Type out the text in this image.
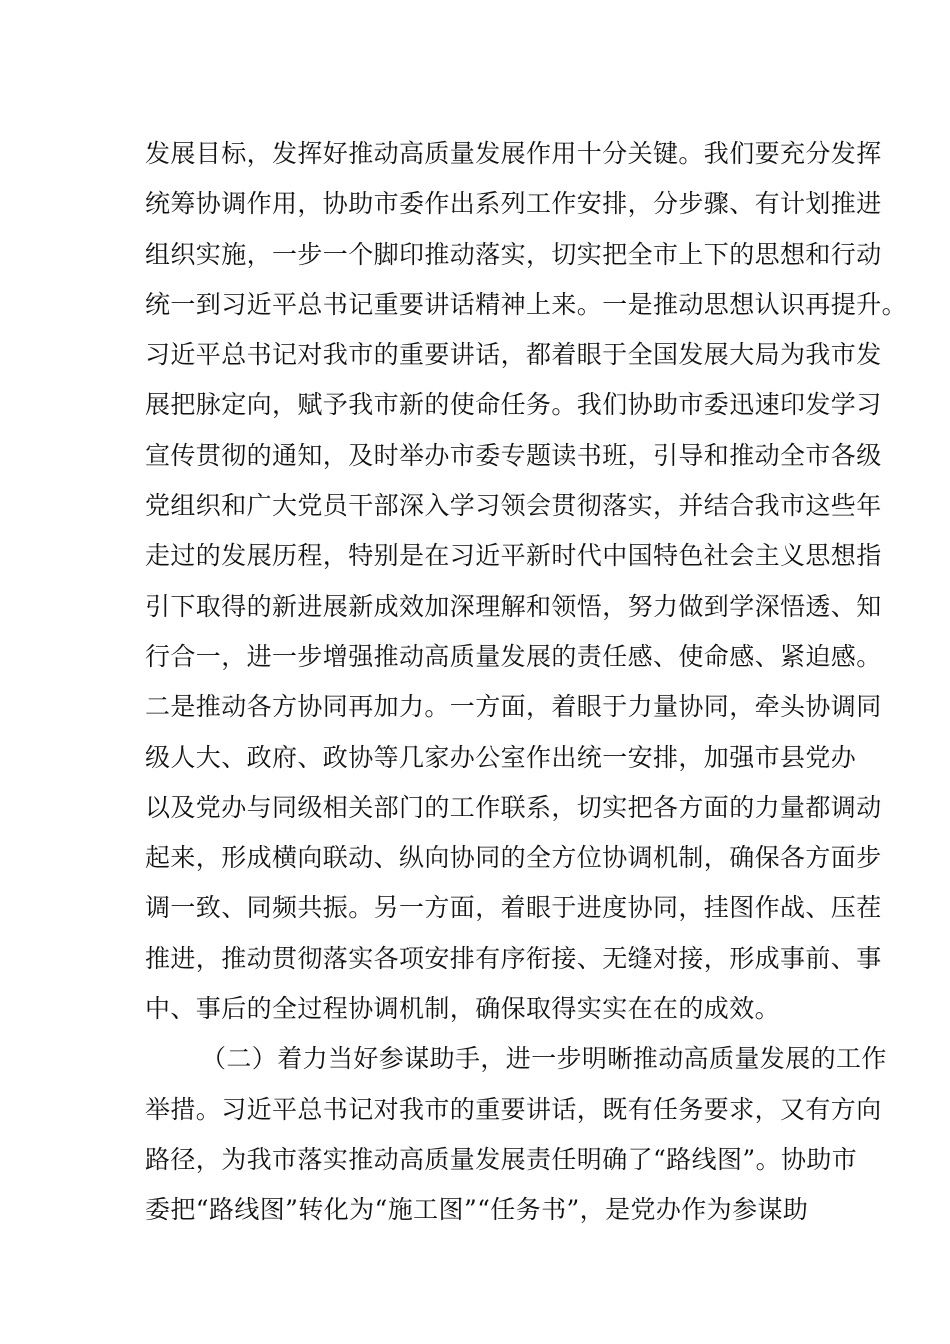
发展目标，发挥好推动高质量发展作用十分关键。我们要充分发挥
统筹协调作用，协助市委作出系列工作安排，分步骤、有计划推进
组织实施，一步一个脚印推动落实，切实把全市上下的思想和行动
统一到习近平总书记重要讲话精神上来。一是推动思想认识再提升。
习近平总书记对我市的重要讲话，都着眼于全国发展大局为我市发
展把脉定向，赋予我市新的使命任务。我们协助市委迅速印发学习
宣传贯彻的通知，及时举办市委专题读书班，引导和推动全市各级
党组织和广大党员干部深入学习领会贯彻落实，并结合我市这些年
走过的发展历程，特别是在习近平新时代中国特色社会主义思想指
引下取得的新进展新成效加深理解和领悟，努力做到学深悟透、知
行合一，进一步增强推动高质量发展的责任感、使命感、紧迫感。
二是推动各方协同再加力。一方面，着眼于力量协同，牵头协调同
级人大、政府、政协等几家办公室作出统一安排，加强市县党办
以及党办与同级相关部门的工作联系，切实把各方面的力量都调动
起来，形成横向联动、纵向协同的全方位协调机制，确保各方面步
调一致、同频共振。另一方面，着眼于进度协同，挂图作战、压茬
推进，推动贯彻落实各项安排有序衔接、无缝对接，形成事前、事
中、事后的全过程协调机制，确保取得实实在在的成效。
（二）着力当好参谋助手，进一步明晰推动高质量发展的工作
举措。习近平总书记对我市的重要讲话，既有任务要求，又有方向
路径，为我市落实推动高质量发展责任明确了“路线图”。协助市
委把“路线图”转化为“施工图”“任务书”，是党办作为参谋助
